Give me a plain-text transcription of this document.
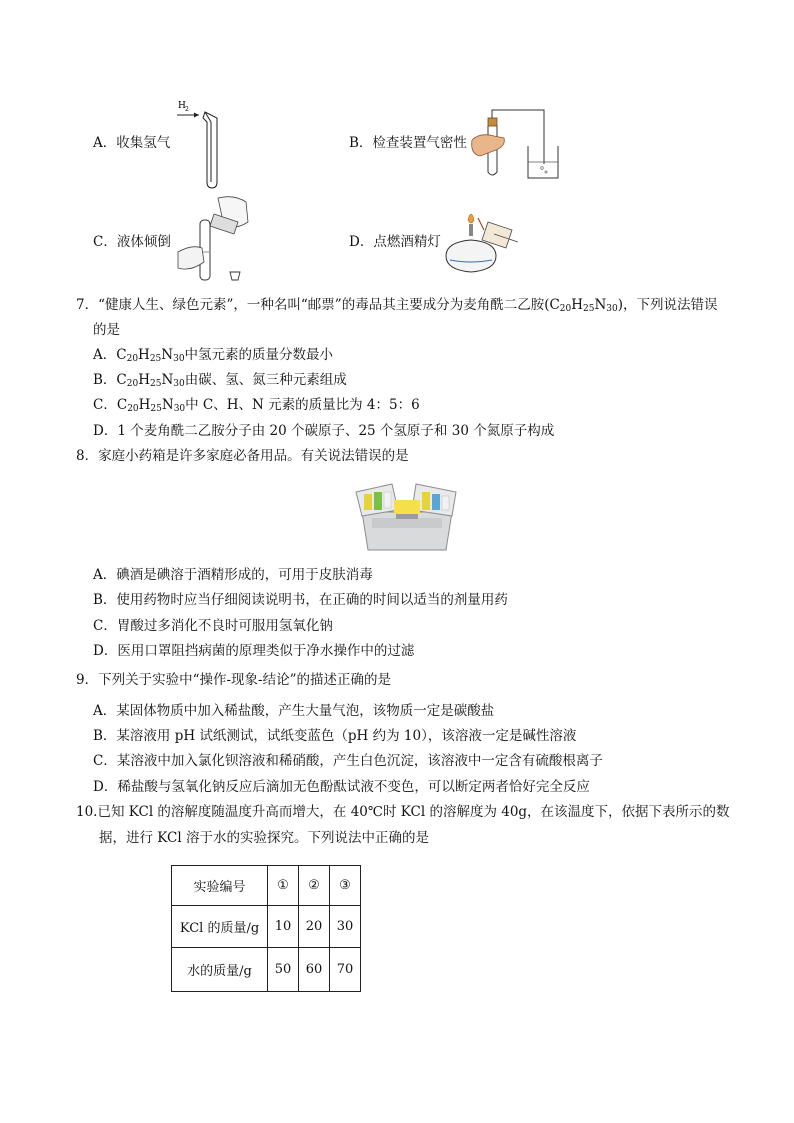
H 2
A．收集氢气	B．检查装置气密性
C．液体倾倒	D．点燃酒精灯
7．“健康人生、绿色元素”，一种名叫“邮票”的毒品其主要成分为麦角酰二乙胺$(C_{20}H_{25}N_{30})$，下列说法错误
的是
A．$C_{20}H_{25}N_{30}$中氢元素的质量分数最小
B．$C_{20}H_{25}N_{30}$由碳、氢、氮三种元素组成
C．$C_{20}H_{25}N_{30}$中 C、H、N 元素的质量比为 4：5：6
D．1 个麦角酰二乙胺分子由 20 个碳原子、25 个氢原子和 30 个氮原子构成
8．家庭小药箱是许多家庭必备用品。有关说法错误的是
A．碘酒是碘溶于酒精形成的，可用于皮肤消毒
B．使用药物时应当仔细阅读说明书，在正确的时间以适当的剂量用药
C．胃酸过多消化不良时可服用氢氧化钠
D．医用口罩阻挡病菌的原理类似于净水操作中的过滤
9．下列关于实验中“操作-现象-结论”的描述正确的是
A．某固体物质中加入稀盐酸，产生大量气泡，该物质一定是碳酸盐
B．某溶液用 pH 试纸测试，试纸变蓝色（pH 约为 10），该溶液一定是碱性溶液
C．某溶液中加入氯化钡溶液和稀硝酸，产生白色沉淀，该溶液中一定含有硫酸根离子
D．稀盐酸与氢氧化钠反应后滴加无色酚酞试液不变色，可以断定两者恰好完全反应
10.已知 KCl 的溶解度随温度升高而增大，在 40℃时 KCl 的溶解度为 40g，在该温度下，依据下表所示的数
据，进行 KCl 溶于水的实验探究。下列说法中正确的是
实验编号	①	②	③
KCl 的质量/g	10	20	30
水的质量/g	50	60	70
